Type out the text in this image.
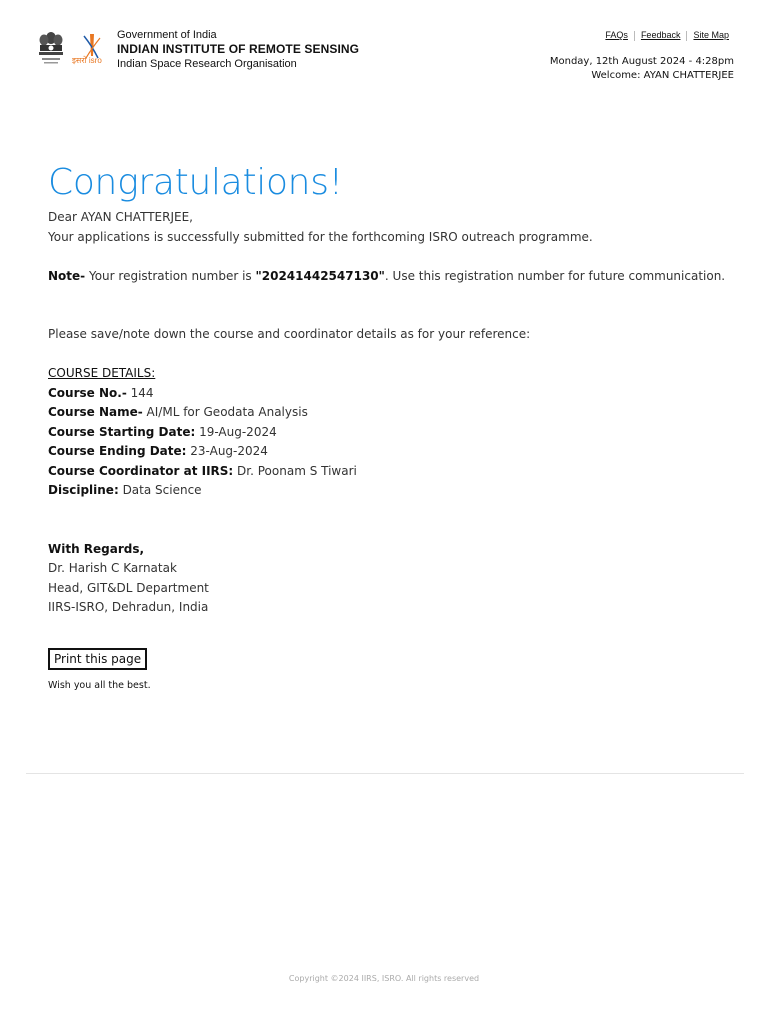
इसरो isro
Government of India
INDIAN INSTITUTE OF REMOTE SENSING
Indian Space Research Organisation
FAQs Feedback Site Map
Monday, 12th August 2024 - 4:28pm
Welcome: AYAN CHATTERJEE
Congratulations!
Dear AYAN CHATTERJEE,
Your applications is successfully submitted for the forthcoming ISRO outreach programme.
Note- Your registration number is "20241442547130". Use this registration number for future communication.
Please save/note down the course and coordinator details as for your reference:
COURSE DETAILS:
Course No.- 144
Course Name- AI/ML for Geodata Analysis
Course Starting Date: 19-Aug-2024
Course Ending Date: 23-Aug-2024
Course Coordinator at IIRS: Dr. Poonam S Tiwari
Discipline: Data Science
With Regards,
Dr. Harish C Karnatak
Head, GIT&DL Department
IIRS-ISRO, Dehradun, India
Print this page
Wish you all the best.
Copyright ©2024 IIRS, ISRO. All rights reserved
